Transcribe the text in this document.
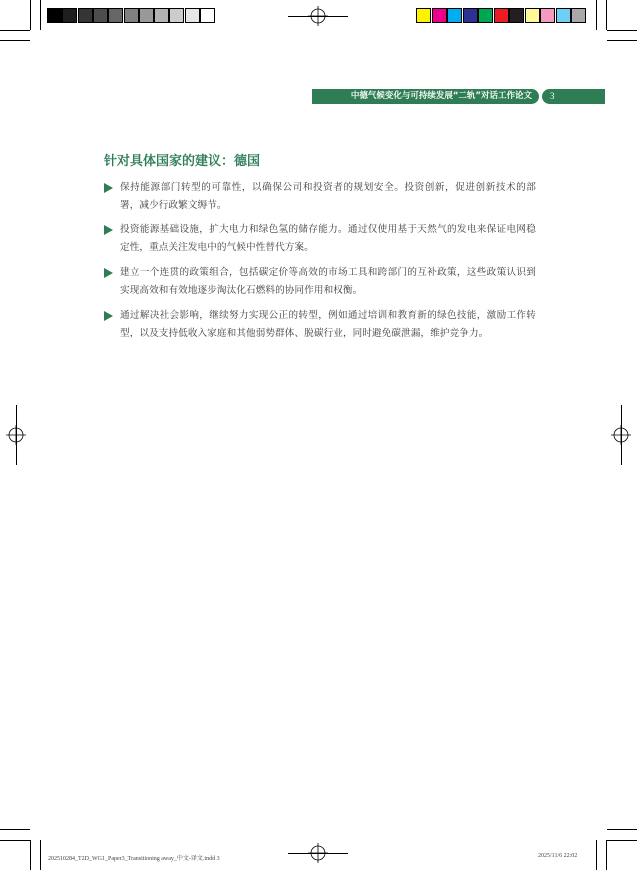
中德气候变化与可持续发展“二轨”对话工作论文 3
针对具体国家的建议：德国
保持能源部门转型的可靠性，以确保公司和投资者的规划安全。投资创新，促进创新技术的部署，减少行政繁文缛节。
投资能源基础设施，扩大电力和绿色氢的储存能力。通过仅使用基于天然气的发电来保证电网稳定性，重点关注发电中的气候中性替代方案。
建立一个连贯的政策组合，包括碳定价等高效的市场工具和跨部门的互补政策，这些政策认识到实现高效和有效地逐步淘汰化石燃料的协同作用和权衡。
通过解决社会影响，继续努力实现公正的转型，例如通过培训和教育新的绿色技能，激励工作转型，以及支持低收入家庭和其他弱势群体、脱碳行业，同时避免碳泄漏，维护竞争力。
202510284_T2D_WG1_Paper3_Transitioning away_中文-译文.indd 3	2025/11/6 22:02
